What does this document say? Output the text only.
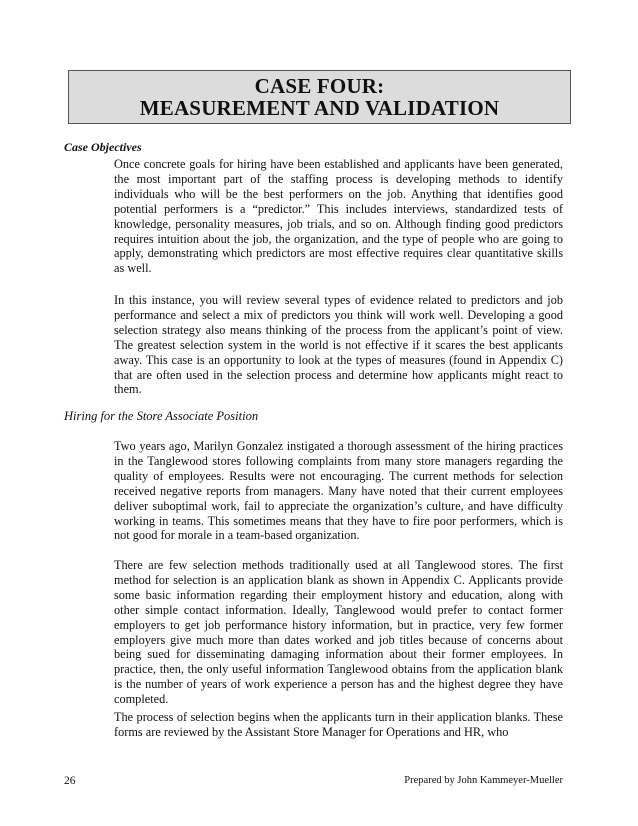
CASE FOUR:
MEASUREMENT AND VALIDATION
Case Objectives

Once concrete goals for hiring have been established and applicants have been generated, the most important part of the staffing process is developing methods to identify individuals who will be the best performers on the job. Anything that identifies good potential performers is a “predictor.” This includes interviews, standardized tests of knowledge, personality measures, job trials, and so on. Although finding good predictors requires intuition about the job, the organization, and the type of people who are going to apply, demonstrating which predictors are most effective requires clear quantitative skills as well.

In this instance, you will review several types of evidence related to predictors and job performance and select a mix of predictors you think will work well. Developing a good selection strategy also means thinking of the process from the applicant’s point of view. The greatest selection system in the world is not effective if it scares the best applicants away. This case is an opportunity to look at the types of measures (found in Appendix C) that are often used in the selection process and determine how applicants might react to them.

Hiring for the Store Associate Position

Two years ago, Marilyn Gonzalez instigated a thorough assessment of the hiring practices in the Tanglewood stores following complaints from many store managers regarding the quality of employees. Results were not encouraging. The current methods for selection received negative reports from managers. Many have noted that their current employees deliver suboptimal work, fail to appreciate the organization’s culture, and have difficulty working in teams. This sometimes means that they have to fire poor performers, which is not good for morale in a team-based organization.

There are few selection methods traditionally used at all Tanglewood stores. The first method for selection is an application blank as shown in Appendix C. Applicants provide some basic information regarding their employment history and education, along with other simple contact information. Ideally, Tanglewood would prefer to contact former employers to get job performance history information, but in practice, very few former employers give much more than dates worked and job titles because of concerns about being sued for disseminating damaging information about their former employees. In practice, then, the only useful information Tanglewood obtains from the application blank is the number of years of work experience a person has and the highest degree they have completed.

The process of selection begins when the applicants turn in their application blanks. These forms are reviewed by the Assistant Store Manager for Operations and HR, who

26	Prepared by John Kammeyer-Mueller
